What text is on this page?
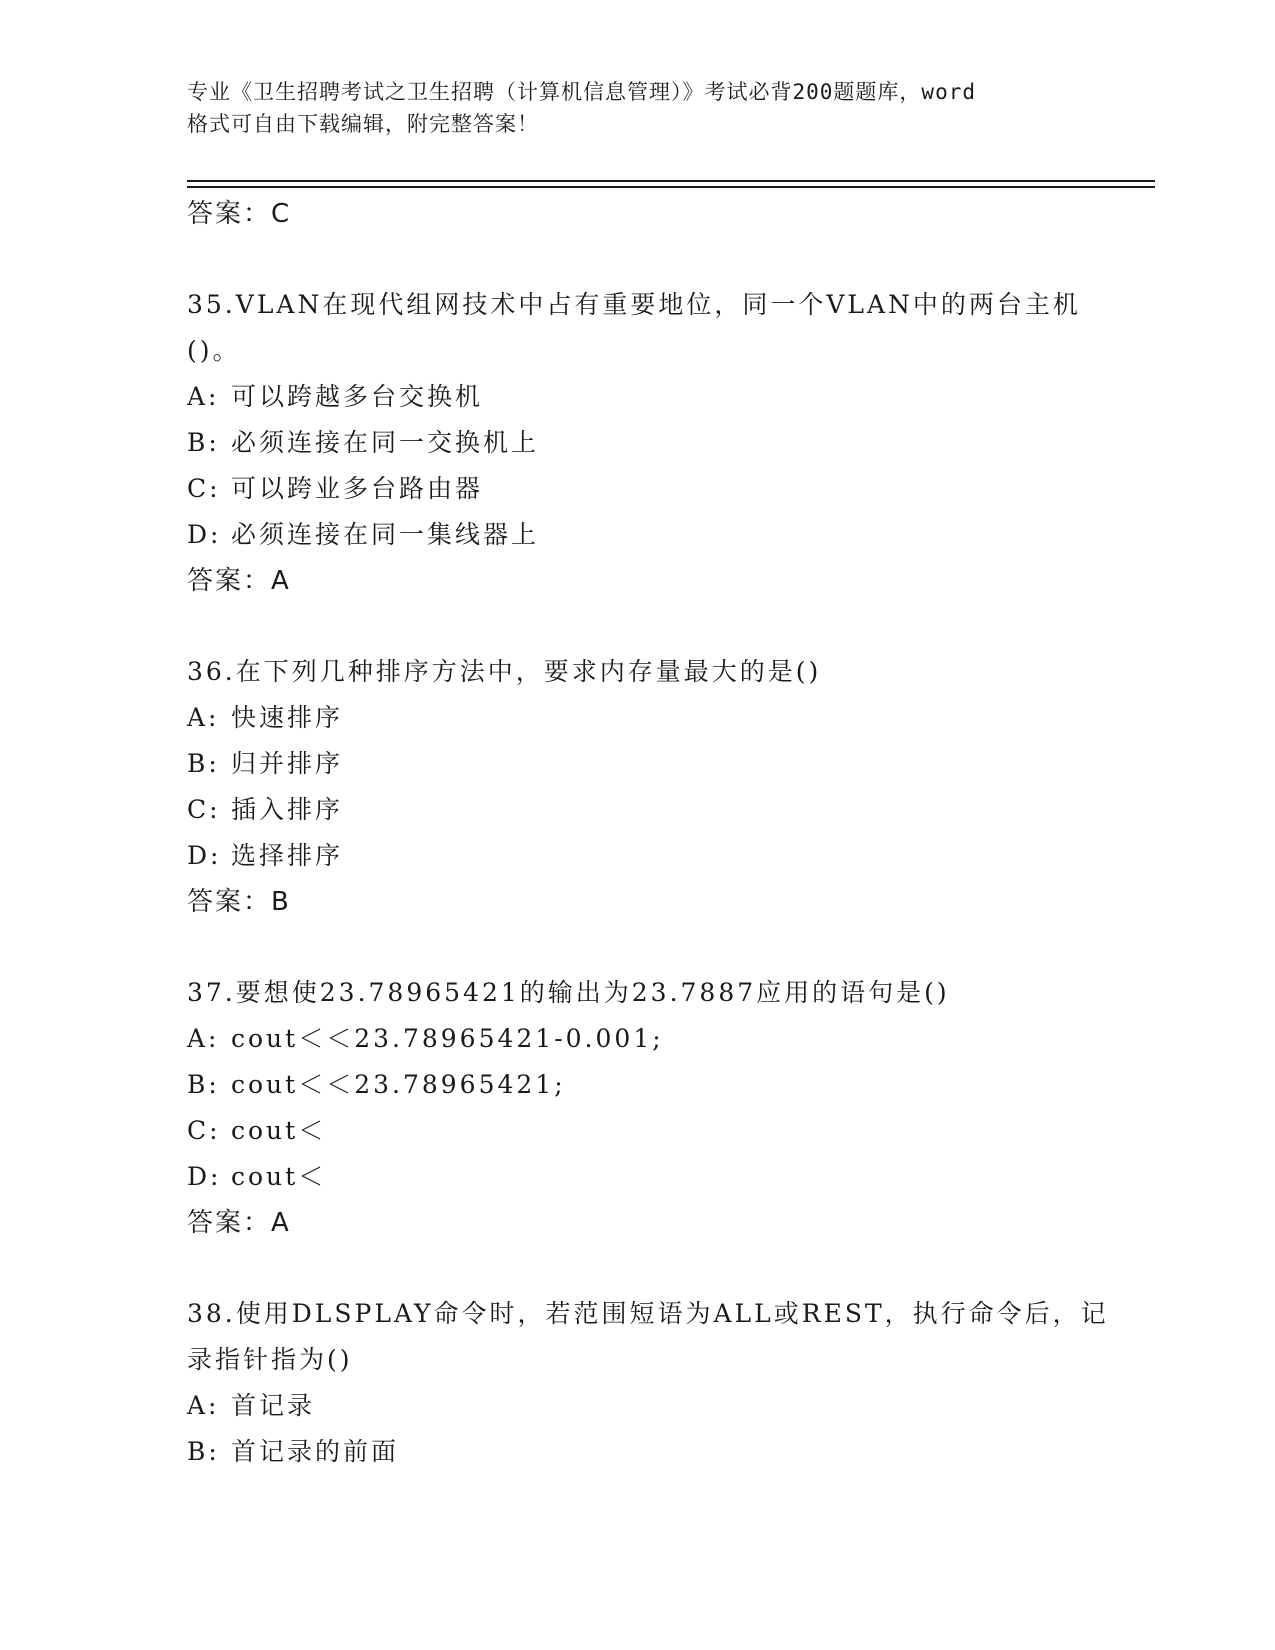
专业《卫生招聘考试之卫生招聘（计算机信息管理）》考试必背200题题库，word
格式可自由下载编辑，附完整答案！
答案：C
35.VLAN在现代组网技术中占有重要地位，同一个VLAN中的两台主机
()。
A: 可以跨越多台交换机
B: 必须连接在同一交换机上
C: 可以跨业多台路由器
D: 必须连接在同一集线器上
答案：A
36.在下列几种排序方法中，要求内存量最大的是()
A: 快速排序
B: 归并排序
C: 插入排序
D: 选择排序
答案：B
37.要想使23.78965421的输出为23.7887应用的语句是()
A: cout＜＜23.78965421-0.001;
B: cout＜＜23.78965421;
C: cout＜
D: cout＜
答案：A
38.使用DLSPLAY命令时，若范围短语为ALL或REST，执行命令后，记
录指针指为()
A: 首记录
B: 首记录的前面
